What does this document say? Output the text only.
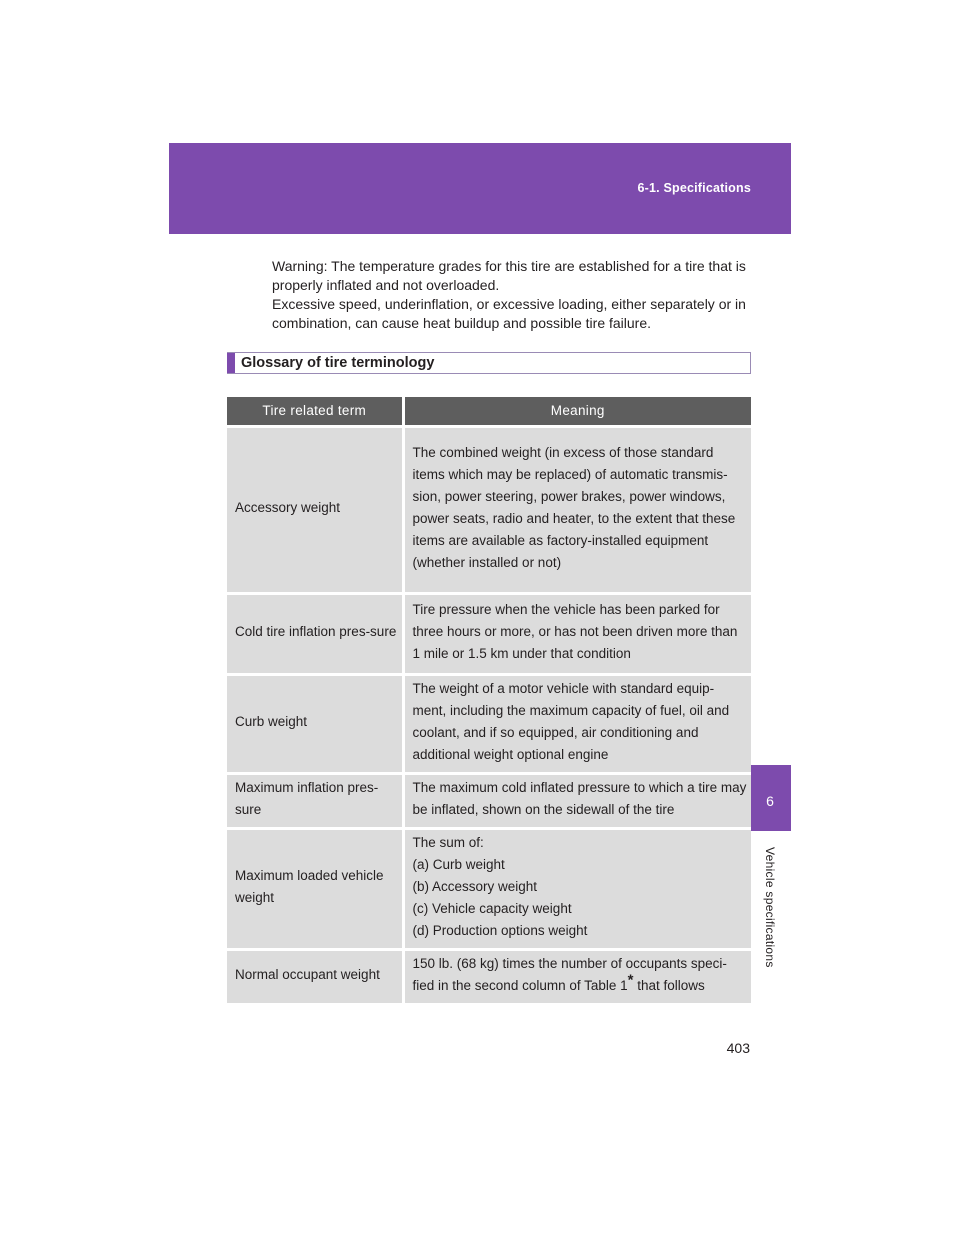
6-1. Specifications
6
Vehicle specifications

Warning: The temperature grades for this tire are established for a tire that is properly inflated and not overloaded.

Excessive speed, underinflation, or excessive loading, either separately or in combination, can cause heat buildup and possible tire failure.

Glossary of tire terminology
Tire related term	Meaning
Accessory weight	The combined weight (in excess of those standard items which may be replaced) of automatic transmis-sion, power steering, power brakes, power windows, power seats, radio and heater, to the extent that these items are available as factory-installed equipment (whether installed or not)
Cold tire inflation pres-sure	Tire pressure when the vehicle has been parked for three hours or more, or has not been driven more than 1 mile or 1.5 km under that condition
Curb weight	The weight of a motor vehicle with standard equip-ment, including the maximum capacity of fuel, oil and coolant, and if so equipped, air conditioning and additional weight optional engine
Maximum inflation pres-sure	The maximum cold inflated pressure to which a tire may be inflated, shown on the sidewall of the tire
Maximum loaded vehicle weight	The sum of:
(a) Curb weight
(b) Accessory weight
(c) Vehicle capacity weight
(d) Production options weight
Normal occupant weight	150 lb. (68 kg) times the number of occupants speci-fied in the second column of Table 1* that follows
403
